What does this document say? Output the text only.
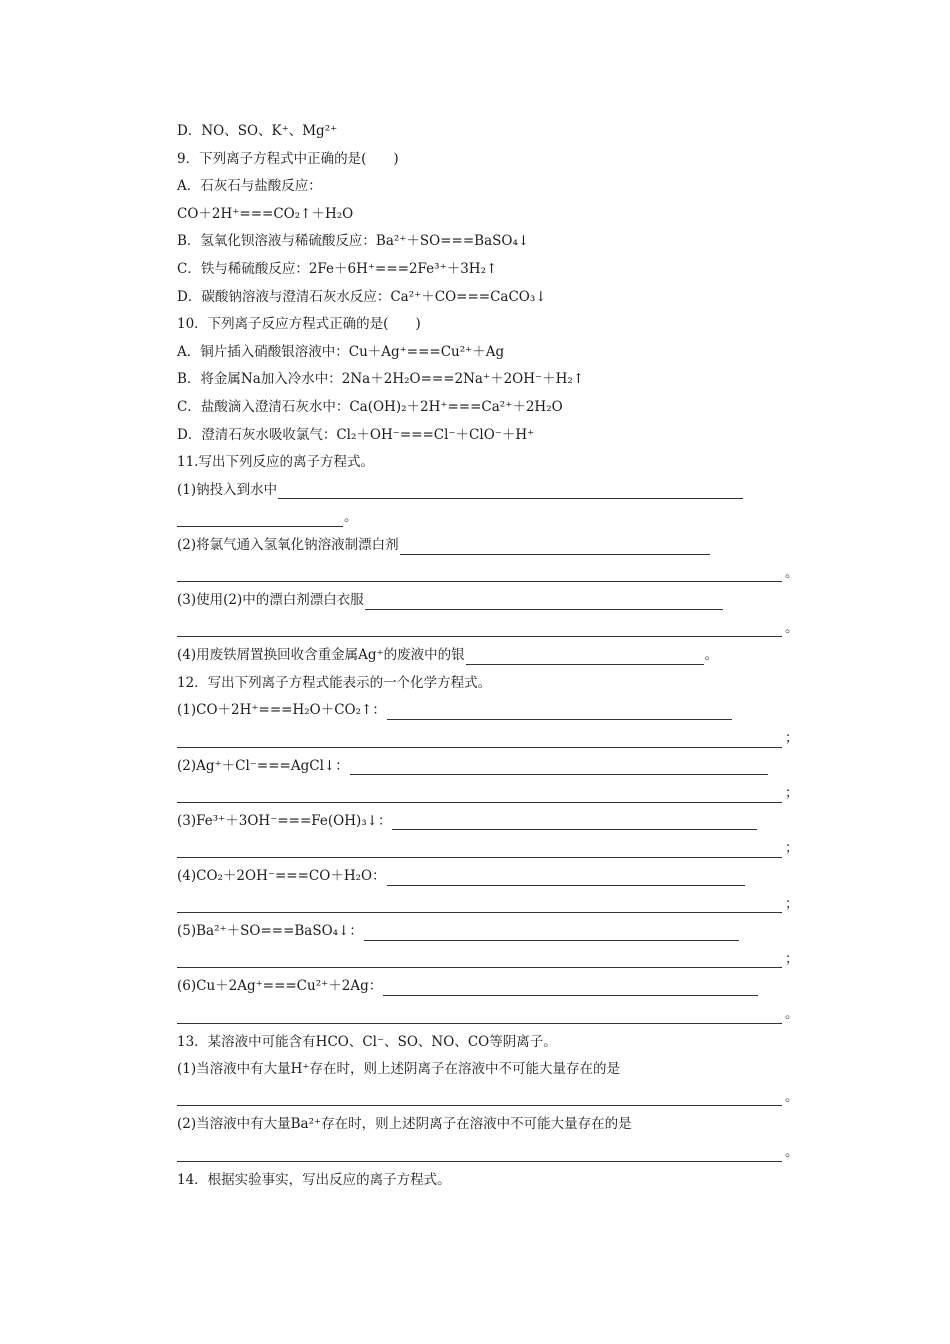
D．NO、SO、K⁺、Mg²⁺
9．下列离子方程式中正确的是(　　)
A．石灰石与盐酸反应：
CO＋2H⁺===CO₂↑＋H₂O
B．氢氧化钡溶液与稀硫酸反应：Ba²⁺＋SO===BaSO₄↓
C．铁与稀硫酸反应：2Fe＋6H⁺===2Fe³⁺＋3H₂↑
D．碳酸钠溶液与澄清石灰水反应：Ca²⁺＋CO===CaCO₃↓
10．下列离子反应方程式正确的是(　　)
A．铜片插入硝酸银溶液中：Cu＋Ag⁺===Cu²⁺＋Ag
B．将金属Na加入冷水中：2Na＋2H₂O===2Na⁺＋2OH⁻＋H₂↑
C．盐酸滴入澄清石灰水中：Ca(OH)₂＋2H⁺===Ca²⁺＋2H₂O
D．澄清石灰水吸收氯气：Cl₂＋OH⁻===Cl⁻＋ClO⁻＋H⁺
11.写出下列反应的离子方程式。
(1)钠投入到水中
。
(2)将氯气通入氢氧化钠溶液制漂白剂
。
(3)使用(2)中的漂白剂漂白衣服
。
(4)用废铁屑置换回收含重金属Ag⁺的废液中的银	。
12．写出下列离子方程式能表示的一个化学方程式。
(1)CO＋2H⁺===H₂O＋CO₂↑：
；
(2)Ag⁺＋Cl⁻===AgCl↓：
；
(3)Fe³⁺＋3OH⁻===Fe(OH)₃↓：
；
(4)CO₂＋2OH⁻===CO＋H₂O：
；
(5)Ba²⁺＋SO===BaSO₄↓：
；
(6)Cu＋2Ag⁺===Cu²⁺＋2Ag：
。
13．某溶液中可能含有HCO、Cl⁻、SO、NO、CO等阴离子。
(1)当溶液中有大量H⁺存在时，则上述阴离子在溶液中不可能大量存在的是
。
(2)当溶液中有大量Ba²⁺存在时，则上述阴离子在溶液中不可能大量存在的是
。
14．根据实验事实，写出反应的离子方程式。
